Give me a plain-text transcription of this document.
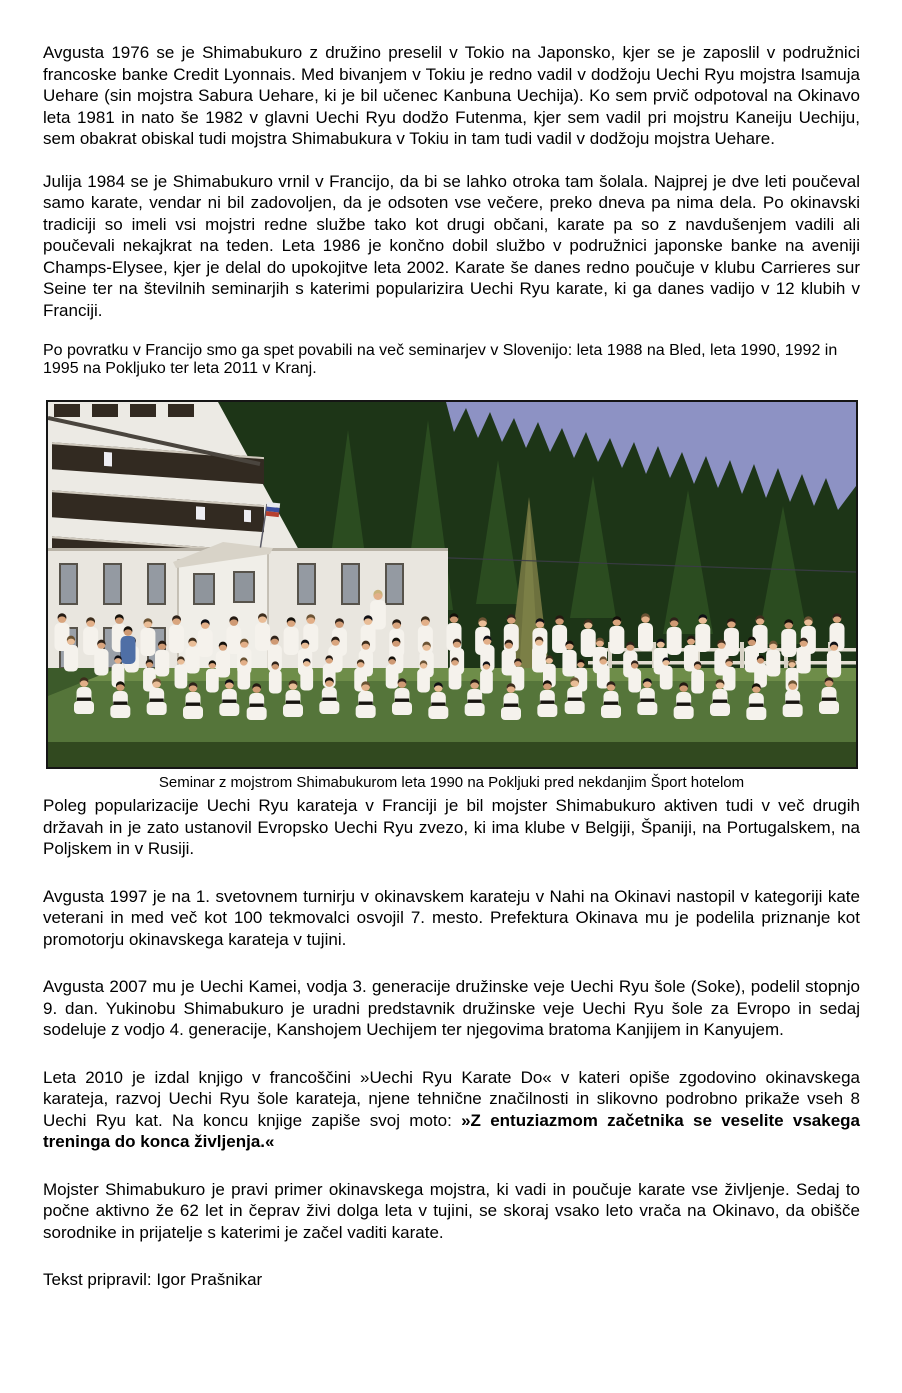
Avgusta 1976 se je Shimabukuro z družino preselil v Tokio na Japonsko, kjer se je zaposlil v podružnici francoske banke Credit Lyonnais. Med bivanjem v Tokiu je redno vadil v dodžoju Uechi Ryu mojstra Isamuja Uehare (sin mojstra Sabura Uehare, ki je bil učenec Kanbuna Uechija). Ko sem prvič odpotoval na Okinavo leta 1981 in nato še 1982 v glavni Uechi Ryu dodžo Futenma, kjer sem vadil pri mojstru Kaneiju Uechiju, sem obakrat obiskal tudi mojstra Shimabukura v Tokiu in tam tudi vadil v dodžoju mojstra Uehare.

Julija 1984 se je Shimabukuro vrnil v Francijo, da bi se lahko otroka tam šolala. Najprej je dve leti poučeval samo karate, vendar ni bil zadovoljen, da je odsoten vse večere, preko dneva pa nima dela. Po okinavski tradiciji so imeli vsi mojstri redne službe tako kot drugi občani, karate pa so z navdušenjem vadili ali poučevali nekajkrat na teden. Leta 1986 je končno dobil službo v podružnici japonske banke na aveniji Champs-Elysee, kjer je delal do upokojitve leta 2002. Karate še danes redno poučuje v klubu Carrieres sur Seine ter na številnih seminarjih s katerimi popularizira Uechi Ryu karate, ki ga danes vadijo v 12 klubih v Franciji.

Po povratku v Francijo smo ga spet povabili na več seminarjev v Slovenijo: leta 1988 na Bled, leta 1990, 1992 in 1995 na Pokljuko ter leta 2011 v Kranj.

Seminar z mojstrom Shimabukurom leta 1990 na Pokljuki pred nekdanjim Šport hotelom

Poleg popularizacije Uechi Ryu karateja v Franciji je bil mojster Shimabukuro aktiven tudi v več drugih državah in je zato ustanovil Evropsko Uechi Ryu zvezo, ki ima klube v Belgiji, Španiji, na Portugalskem, na Poljskem in v Rusiji.

Avgusta 1997 je na 1. svetovnem turnirju v okinavskem karateju v Nahi na Okinavi nastopil v kategoriji kate veterani in med več kot 100 tekmovalci osvojil 7. mesto. Prefektura Okinava mu je podelila priznanje kot promotorju okinavskega karateja v tujini.

Avgusta 2007 mu je Uechi Kamei, vodja 3. generacije družinske veje Uechi Ryu šole (Soke), podelil stopnjo 9. dan. Yukinobu Shimabukuro je uradni predstavnik družinske veje Uechi Ryu šole za Evropo in sedaj sodeluje z vodjo 4. generacije, Kanshojem Uechijem ter njegovima bratoma Kanjijem in Kanyujem.

Leta 2010 je izdal knjigo v francoščini »Uechi Ryu Karate Do« v kateri opiše zgodovino okinavskega karateja, razvoj Uechi Ryu šole karateja, njene tehnične značilnosti in slikovno podrobno prikaže vseh 8 Uechi Ryu kat. Na koncu knjige zapiše svoj moto: »Z entuziazmom začetnika se veselite vsakega treninga do konca življenja.«

Mojster Shimabukuro je pravi primer okinavskega mojstra, ki vadi in poučuje karate vse življenje. Sedaj to počne aktivno že 62 let in čeprav živi dolga leta v tujini, se skoraj vsako leto vrača na Okinavo, da obišče sorodnike in prijatelje s katerimi je začel vaditi karate.

Tekst pripravil: Igor Prašnikar
